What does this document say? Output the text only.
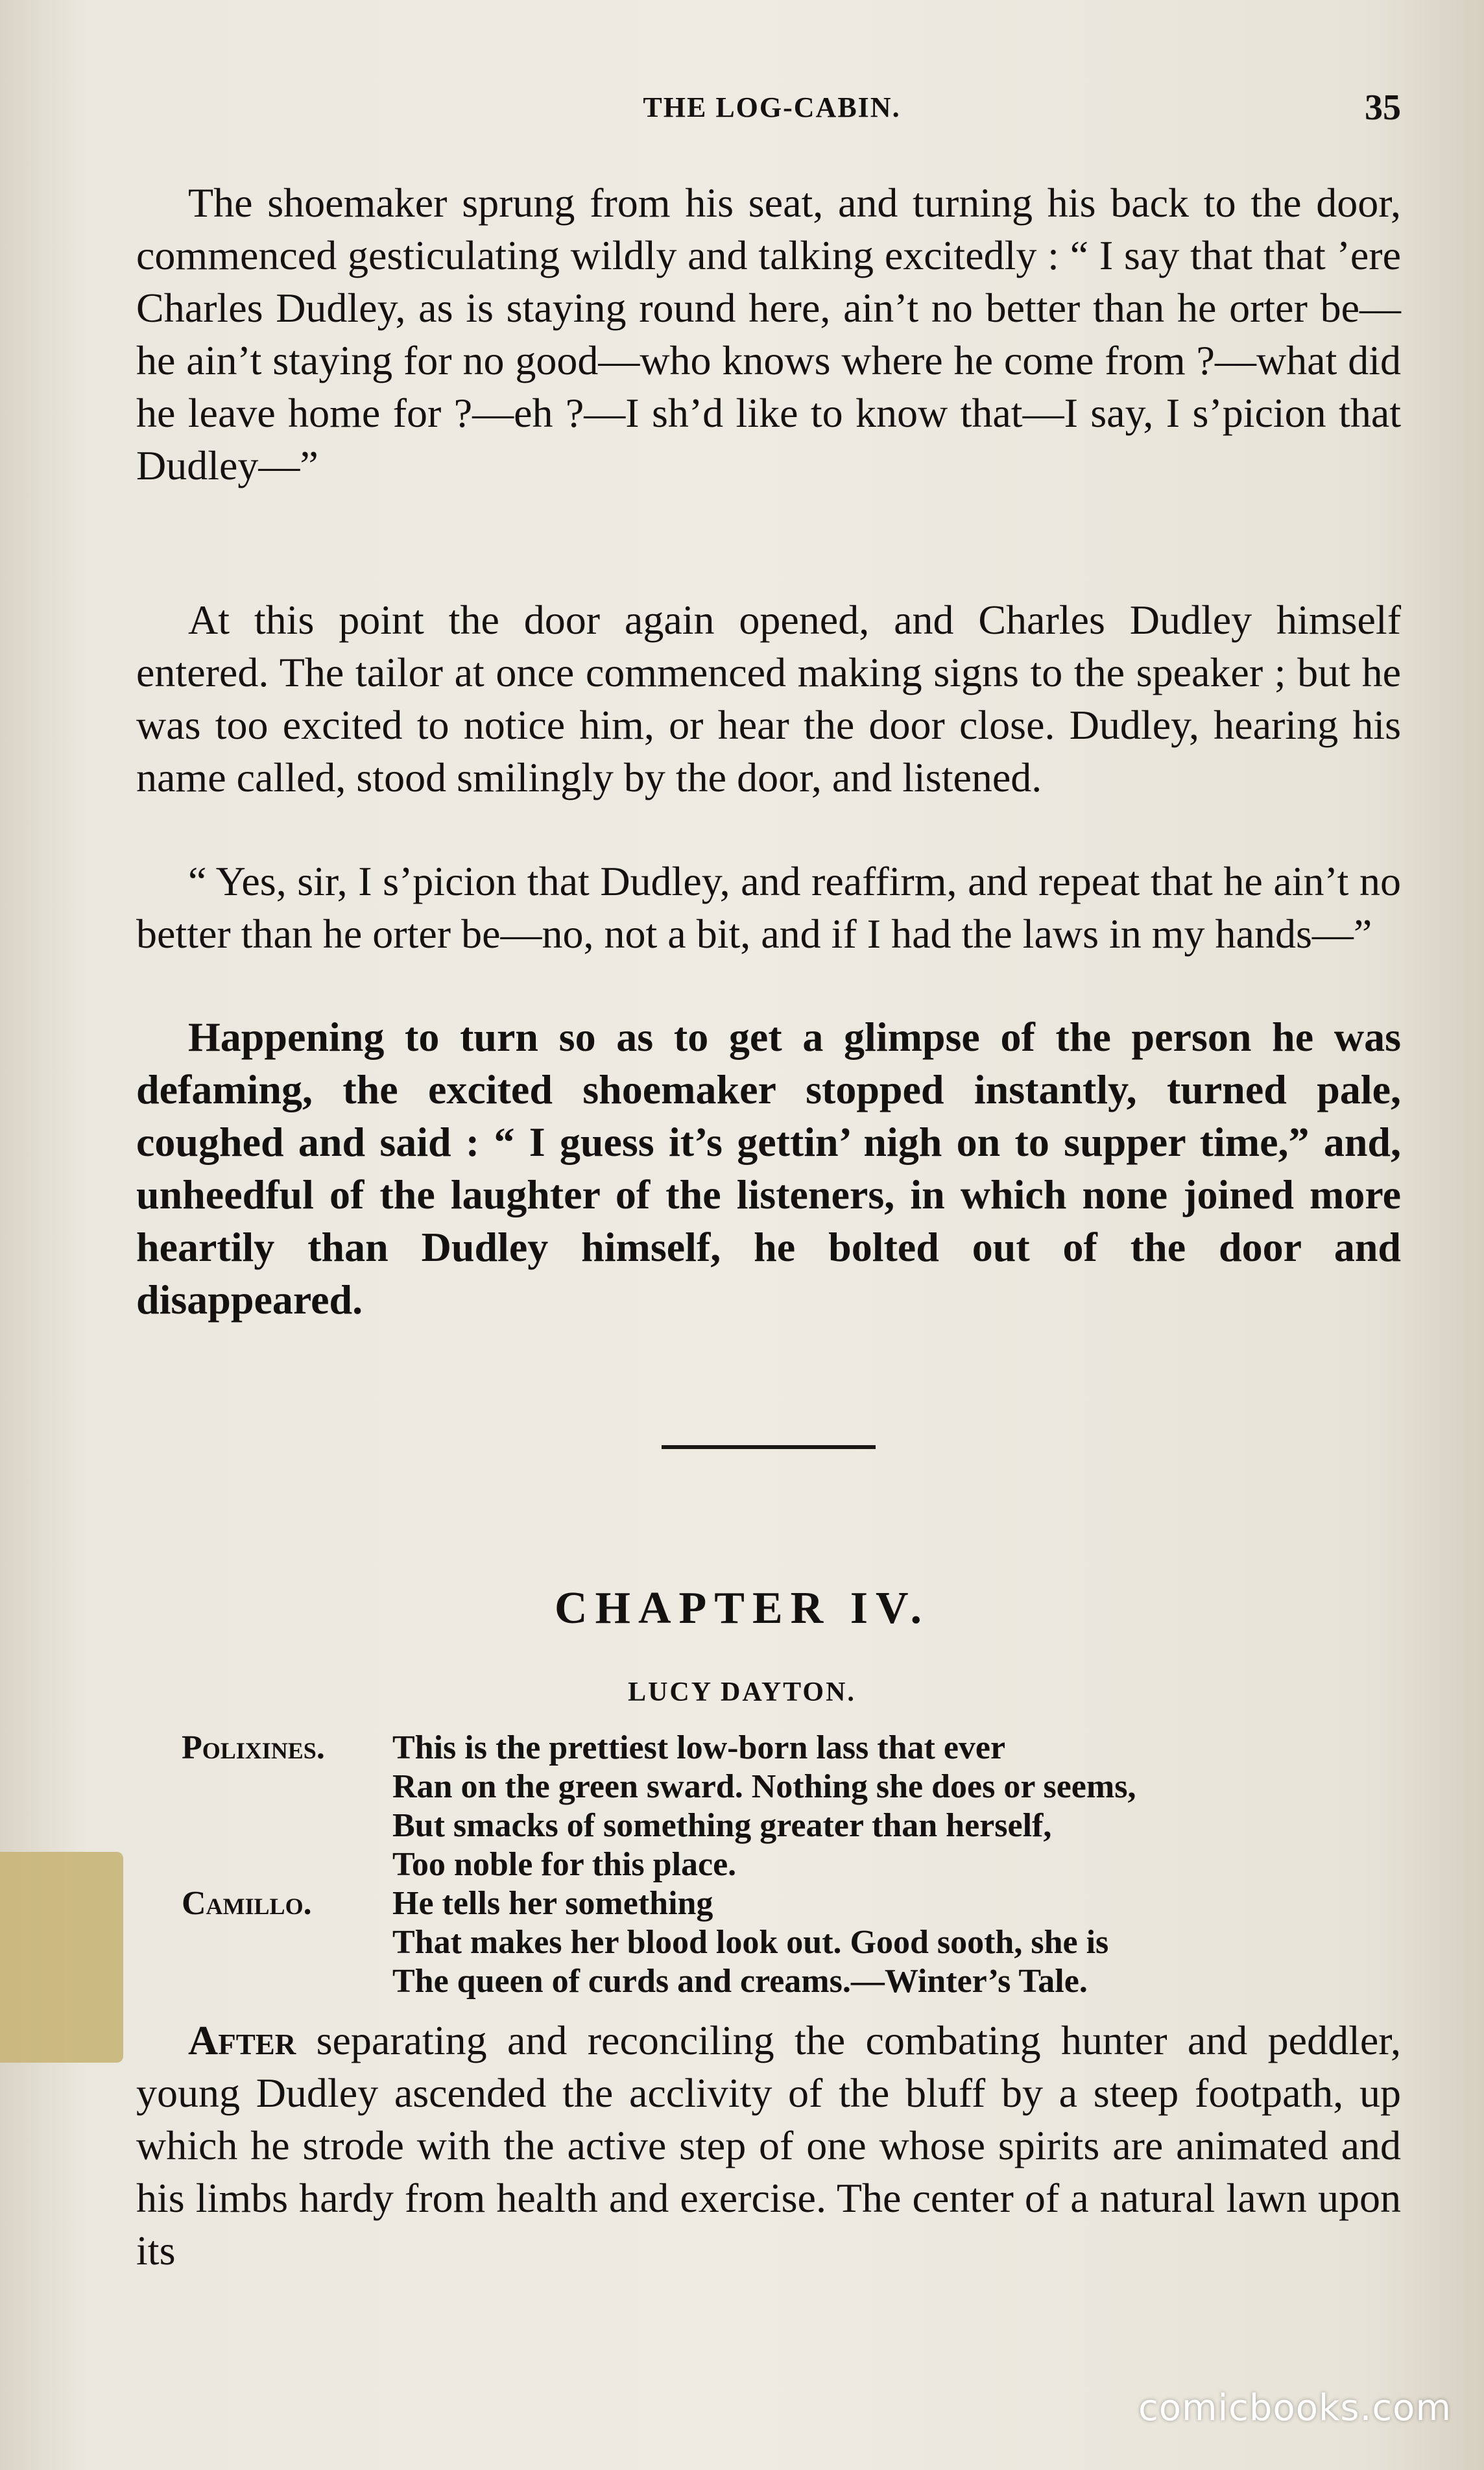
THE LOG-CABIN.	35
The shoemaker sprung from his seat, and turning his back to the door, commenced gesticulating wildly and talking excitedly : “ I say that that ’ere Charles Dudley, as is staying round here, ain’t no better than he orter be—he ain’t staying for no good—who knows where he come from ?—what did he leave home for ?—eh ?—I sh’d like to know that—I say, I s’picion that Dudley—”
At this point the door again opened, and Charles Dudley himself entered. The tailor at once commenced making signs to the speaker ; but he was too excited to notice him, or hear the door close. Dudley, hearing his name called, stood smilingly by the door, and listened.
“ Yes, sir, I s’picion that Dudley, and reaffirm, and repeat that he ain’t no better than he orter be—no, not a bit, and if I had the laws in my hands—”
Happening to turn so as to get a glimpse of the person he was defaming, the excited shoemaker stopped instantly, turned pale, coughed and said : “ I guess it’s gettin’ nigh on to supper time,” and, unheedful of the laughter of the listeners, in which none joined more heartily than Dudley himself, he bolted out of the door and disappeared.
CHAPTER IV.
LUCY DAYTON.
Polixines. This is the prettiest low-born lass that ever
Ran on the green sward. Nothing she does or seems,
But smacks of something greater than herself,
Too noble for this place.
Camillo. He tells her something
That makes her blood look out. Good sooth, she is
The queen of curds and creams.—Winter’s Tale.
After separating and reconciling the combating hunter and peddler, young Dudley ascended the acclivity of the bluff by a steep footpath, up which he strode with the active step of one whose spirits are animated and his limbs hardy from health and exercise. The center of a natural lawn upon its
comicbooks.com
